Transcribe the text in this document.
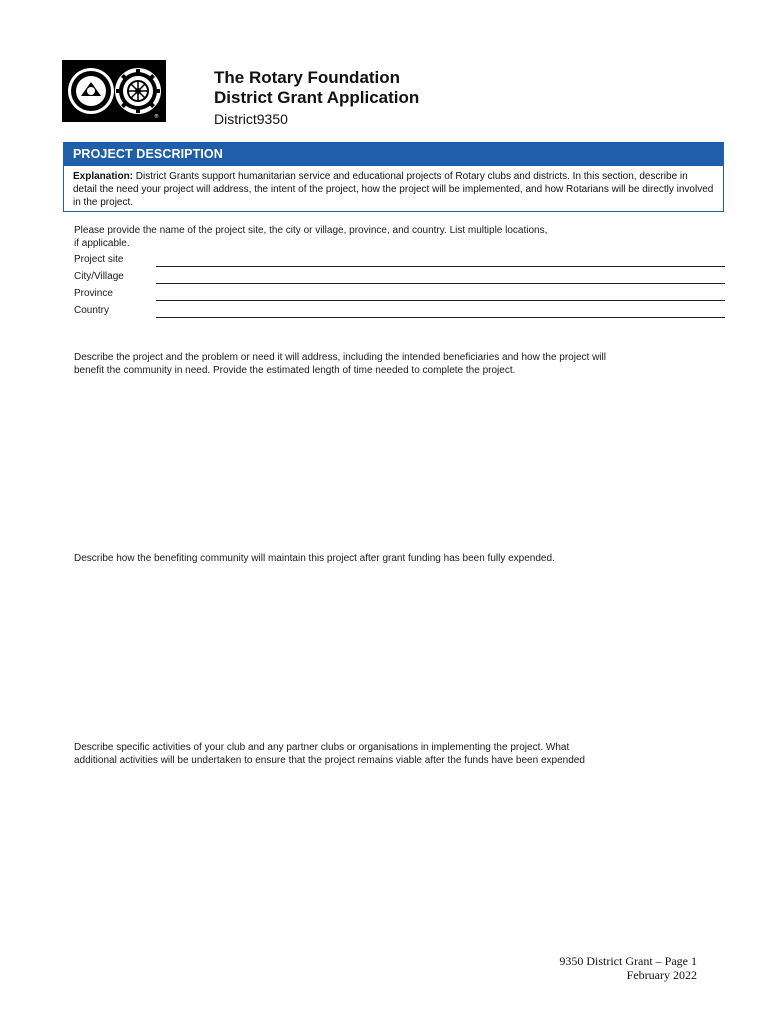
®
The Rotary Foundation
District Grant Application
District9350
PROJECT DESCRIPTION
Explanation: District Grants support humanitarian service and educational projects of Rotary clubs and districts. In this section, describe in detail the need your project will address, the intent of the project, how the project will be implemented, and how Rotarians will be directly involved in the project.
Please provide the name of the project site, the city or village, province, and country. List multiple locations,
if applicable.
Project site
City/Village
Province
Country
Describe the project and the problem or need it will address, including the intended beneficiaries and how the project will
benefit the community in need. Provide the estimated length of time needed to complete the project.
Describe how the benefiting community will maintain this project after grant funding has been fully expended.
Describe specific activities of your club and any partner clubs or organisations in implementing the project. What
additional activities will be undertaken to ensure that the project remains viable after the funds have been expended
9350 District Grant – Page 1
February 2022
